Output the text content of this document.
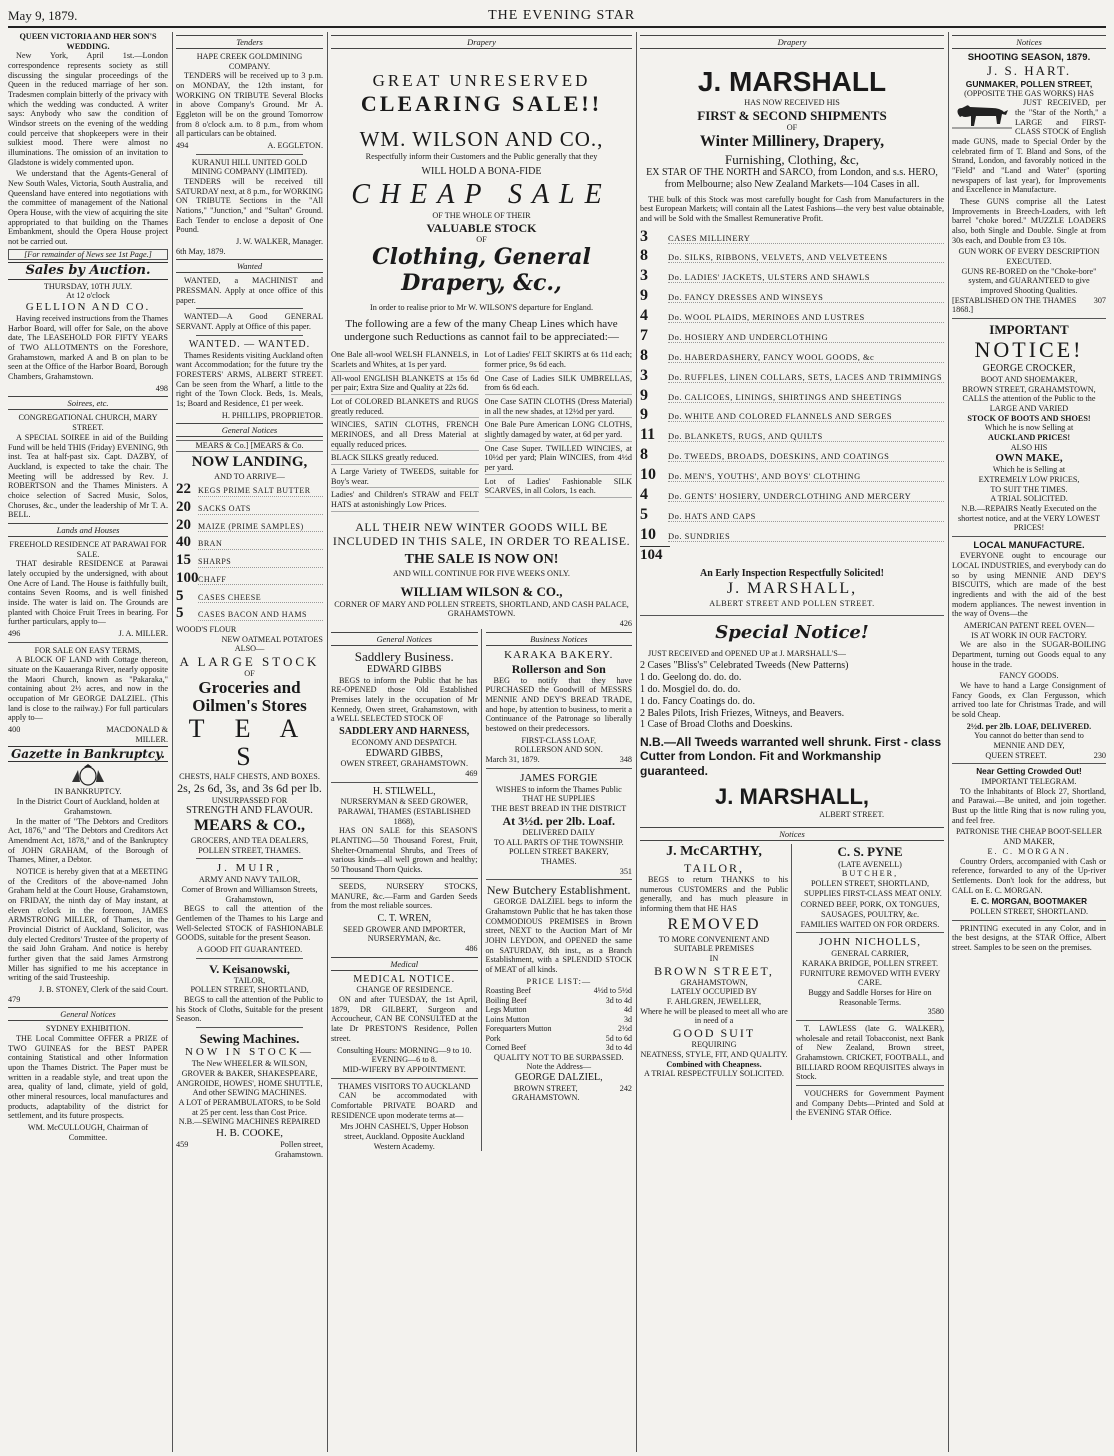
May 9, 1879.	THE EVENING STAR
QUEEN VICTORIA AND HER SON'S WEDDING.
New York, April 1st.—London correspondence represents society as still discussing the singular proceedings of the Queen in the reduced marriage of her son. Tradesmen complain bitterly of the privacy with which the wedding was conducted. A writer says: Anybody who saw the condition of Windsor streets on the evening of the wedding could perceive that shopkeepers were in their sulkiest mood. There were almost no illuminations. The omission of an invitation to Gladstone is widely commented upon.
We understand that the Agents-General of New South Wales, Victoria, South Australia, and Queensland have entered into negotiations with the committee of management of the National Opera House, with the view of acquiring the site appropriated to that building on the Thames Embankment, should the Opera House project not be carried out.
[For remainder of News see 1st Page.]
Sales by Auction.
THURSDAY, 10TH JULY.
At 12 o'clock
GELLION AND CO.
Having received instructions from the Thames Harbor Board, will offer for Sale, on the above date, The LEASEHOLD FOR FIFTY YEARS of TWO ALLOTMENTS on the Foreshore, Grahamstown, marked A and B on plan to be seen at the Office of the Harbor Board, Borough Chambers, Grahamstown.
498
Soirees, etc.
CONGREGATIONAL CHURCH, MARY STREET.
A SPECIAL SOIREE in aid of the Building Fund will be held THIS (Friday) EVENING, 9th inst. Tea at half-past six. Capt. DAZBY, of Auckland, is expected to take the chair. The Meeting will be addressed by Rev. J. ROBERTSON and the Thames Ministers. A choice selection of Sacred Music, Solos, Choruses, &c., under the leadership of Mr T. A. BELL.
Lands and Houses
FREEHOLD RESIDENCE AT PARAWAI FOR SALE.
THAT desirable RESIDENCE at Parawai lately occupied by the undersigned, with about One Acre of Land. The House is faithfully built, contains Seven Rooms, and is well finished inside. The water is laid on. The Grounds are planted with Choice Fruit Trees in bearing. For further particulars, apply to—
496	J. A. MILLER.
FOR SALE ON EASY TERMS,
A BLOCK OF LAND with Cottage thereon, situate on the Kauaeranga River, nearly opposite the Maori Church, known as "Pakaraka," containing about 2½ acres, and now in the occupation of Mr GEORGE DALZIEL. (This land is close to the railway.) For full particulars apply to—
400	MACDONALD & MILLER.
Gazette in Bankruptcy.
IN BANKRUPTCY.
In the District Court of Auckland, holden at Grahamstown.
In the matter of "The Debtors and Creditors Act, 1876," and "The Debtors and Creditors Act Amendment Act, 1878," and of the Bankruptcy of JOHN GRAHAM, of the Borough of Thames, Miner, a Debtor.
NOTICE is hereby given that at a MEETING of the Creditors of the above-named John Graham held at the Court House, Grahamstown, on FRIDAY, the ninth day of May instant, at eleven o'clock in the forenoon, JAMES ARMSTRONG MILLER, of Thames, in the Provincial District of Auckland, Solicitor, was duly elected Creditors' Trustee of the property of the said John Graham. And notice is hereby further given that the said James Armstrong Miller has signified to me his acceptance in writing of the said Trusteeship.
J. B. STONEY, Clerk of the said Court.
479
General Notices
SYDNEY EXHIBITION.
THE Local Committee OFFER a PRIZE of TWO GUINEAS for the BEST PAPER containing Statistical and other Information upon the Thames District. The Paper must be written in a readable style, and treat upon the area, quality of land, climate, yield of gold, other mineral resources, local manufactures and products, adaptability of the district for settlement, and its future prospects.
WM. McCULLOUGH, Chairman of Committee.
Tenders
HAPE CREEK GOLDMINING COMPANY.
TENDERS will be received up to 3 p.m. on MONDAY, the 12th instant, for WORKING ON TRIBUTE Several Blocks in above Company's Ground. Mr A. Eggleton will be on the ground Tomorrow from 8 o'clock a.m. to 8 p.m., from whom all particulars can be obtained.
494	A. EGGLETON.
KURANUI HILL UNITED GOLD MINING COMPANY (LIMITED).
TENDERS will be received till SATURDAY next, at 8 p.m., for WORKING ON TRIBUTE Sections in the "All Nations," "Junction," and "Sultan" Ground. Each Tender to enclose a deposit of One Pound.
J. W. WALKER, Manager.
6th May, 1879.
Wanted
WANTED, a MACHINIST and PRESSMAN. Apply at once office of this paper.
WANTED—A Good GENERAL SERVANT. Apply at Office of this paper.
WANTED. — WANTED.
Thames Residents visiting Auckland often want Accommodation; for the future try the FORESTERS' ARMS, ALBERT STREET. Can be seen from the Wharf, a little to the right of the Town Clock. Beds, 1s. Meals, 1s; Board and Residence, £1 per week.
H. PHILLIPS, PROPRIETOR.
General Notices
MEARS & Co.] [MEARS & Co.
NOW LANDING,
AND TO ARRIVE—
22 KEGS PRIME SALT BUTTER
20 SACKS OATS
20 MAIZE (PRIME SAMPLES)
40 BRAN
15 SHARPS
100 CHAFF
5	CASES CHEESE
5	CASES BACON AND HAMS
WOOD'S FLOUR
NEW OATMEAL POTATOES
ALSO—
A LARGE STOCK
OF
Groceries and Oilmen's Stores
T E A S
CHESTS, HALF CHESTS, AND BOXES.
2s, 2s 6d, 3s, and 3s 6d per lb.
UNSURPASSED FOR
STRENGTH AND FLAVOUR.
MEARS & CO.,
GROCERS, AND TEA DEALERS,
POLLEN STREET, THAMES.
J. MUIR,
ARMY AND NAVY TAILOR,
Corner of Brown and Williamson Streets, Grahamstown,
BEGS to call the attention of the Gentlemen of the Thames to his Large and Well-Selected STOCK of FASHIONABLE GOODS, suitable for the present Season.
A GOOD FIT GUARANTEED.
V. Keisanowski,
TAILOR,
POLLEN STREET, SHORTLAND,
BEGS to call the attention of the Public to his Stock of Cloths, Suitable for the present Season.
Sewing Machines.
NOW IN STOCK—
The New WHEELER & WILSON, GROVER & BAKER, SHAKESPEARE, ANGROIDE, HOWES', HOME SHUTTLE, And other SEWING MACHINES.
A LOT of PERAMBULATORS, to be Sold at 25 per cent. less than Cost Price.
N.B.—SEWING MACHINES REPAIRED
H. B. COOKE,
459	Pollen street, Grahamstown.
Drapery
GREAT UNRESERVED
CLEARING SALE!!
WM. WILSON AND CO.,
Respectfully inform their Customers and the Public generally that they
WILL HOLD A BONA-FIDE
CHEAP SALE
OF THE WHOLE OF THEIR
VALUABLE STOCK
OF
Clothing, General Drapery, &c.,
In order to realise prior to Mr W. WILSON'S departure for England.
The following are a few of the many Cheap Lines which have undergone such Reductions as cannot fail to be appreciated:—
One Bale all-wool WELSH FLANNELS, in Scarlets and Whites, at 1s per yard.
All-wool ENGLISH BLANKETS at 15s 6d per pair; Extra Size and Quality at 22s 6d.
Lot of COLORED BLANKETS and RUGS greatly reduced.
WINCIES, SATIN CLOTHS, FRENCH MERINOES, and all Dress Material at equally reduced prices.
BLACK SILKS greatly reduced.
A Large Variety of TWEEDS, suitable for Boy's wear.
Ladies' and Children's STRAW and FELT HATS at astonishingly Low Prices.
Lot of Ladies' FELT SKIRTS at 6s 11d each; former price, 9s 6d each.
One Case of Ladies SILK UMBRELLAS, from 6s 6d each.
One Case SATIN CLOTHS (Dress Material) in all the new shades, at 12½d per yard.
One Bale Pure American LONG CLOTHS, slightly damaged by water, at 6d per yard.
One Case Super. TWILLED WINCIES, at 10½d per yard; Plain WINCIES, from 4½d per yard.
Lot of Ladies' Fashionable SILK SCARVES, in all Colors, 1s each.
ALL THEIR NEW WINTER GOODS WILL BE INCLUDED IN THIS SALE, IN ORDER TO REALISE.
THE SALE IS NOW ON!
AND WILL CONTINUE FOR FIVE WEEKS ONLY.
WILLIAM WILSON & CO.,
CORNER OF MARY AND POLLEN STREETS, SHORTLAND, AND CASH PALACE, GRAHAMSTOWN.
426
General Notices
Saddlery Business.
EDWARD GIBBS
BEGS to inform the Public that he has RE-OPENED those Old Established Premises lately in the occupation of Mr Kennedy, Owen street, Grahamstown, with a WELL SELECTED STOCK OF
SADDLERY AND HARNESS,
ECONOMY AND DESPATCH.
EDWARD GIBBS,
OWEN STREET, GRAHAMSTOWN.
469
H. STILWELL,
NURSERYMAN & SEED GROWER,
PARAWAI, THAMES (ESTABLISHED 1868),
HAS ON SALE for this SEASON'S PLANTING—50 Thousand Forest, Fruit, Shelter-Ornamental Shrubs, and Trees of various kinds—all well grown and healthy; 50 Thousand Thorn Quicks.
SEEDS, NURSERY STOCKS, MANURE, &c.—Farm and Garden Seeds from the most reliable sources.
C. T. WREN,
SEED GROWER AND IMPORTER, NURSERYMAN, &c.
486
Medical
MEDICAL NOTICE.
CHANGE OF RESIDENCE.
ON and after TUESDAY, the 1st April, 1879, DR GILBERT, Surgeon and Accoucheur, CAN BE CONSULTED at the late Dr PRESTON'S Residence, Pollen street.
Consulting Hours: MORNING—9 to 10. EVENING—6 to 8.
MID-WIFERY BY APPOINTMENT.
THAMES VISITORS TO AUCKLAND
CAN be accommodated with Comfortable PRIVATE BOARD and RESIDENCE upon moderate terms at—
Mrs JOHN CASHEL'S, Upper Hobson street, Auckland. Opposite Auckland Western Academy.
Business Notices
KARAKA BAKERY.
Rollerson and Son
BEG to notify that they have PURCHASED the Goodwill of MESSRS MENNIE AND DEY'S BREAD TRADE, and hope, by attention to business, to merit a Continuance of the Patronage so liberally bestowed on their predecessors.
FIRST-CLASS LOAF,
ROLLERSON AND SON.
March 31, 1879.	348
JAMES FORGIE
WISHES to inform the Thames Public THAT HE SUPPLIES
THE BEST BREAD IN THE DISTRICT
At 3½d. per 2lb. Loaf.
DELIVERED DAILY
TO ALL PARTS OF THE TOWNSHIP.
POLLEN STREET BAKERY,
THAMES.
351
New Butchery Establishment.
GEORGE DALZIEL begs to inform the Grahamstown Public that he has taken those COMMODIOUS PREMISES in Brown street, NEXT to the Auction Mart of Mr JOHN LEYDON, and OPENED the same on SATURDAY, 8th inst., as a Branch Establishment, with a SPLENDID STOCK of MEAT of all kinds.
PRICE LIST:—
Roasting Beef	4½d to 5½d
Boiling Beef	3d to 4d
Legs Mutton	4d
Loins Mutton	3d
Forequarters Mutton	2½d
Pork	5d to 6d
Corned Beef	3d to 4d
QUALITY NOT TO BE SURPASSED.
Note the Address—
GEORGE DALZIEL,
BROWN STREET, GRAHAMSTOWN.
242
Drapery
J. MARSHALL
HAS NOW RECEIVED HIS
FIRST & SECOND SHIPMENTS
OF
Winter Millinery, Drapery,
Furnishing, Clothing, &c,
EX STAR OF THE NORTH and SARCO, from London, and s.s. HERO, from Melbourne; also New Zealand Markets—104 Cases in all.
THE bulk of this Stock was most carefully bought for Cash from Manufacturers in the best European Markets; will contain all the Latest Fashions—the very best value obtainable, and will be Sold with the Smallest Remunerative Profit.
3	CASES MILLINERY
8	Do. SILKS, RIBBONS, VELVETS, AND VELVETEENS
3	Do. LADIES' JACKETS, ULSTERS AND SHAWLS
9	Do. FANCY DRESSES AND WINSEYS
4	Do. WOOL PLAIDS, MERINOES AND LUSTRES
7	Do. HOSIERY AND UNDERCLOTHING
8	Do. HABERDASHERY, FANCY WOOL GOODS, &c
3	Do. RUFFLES, LINEN COLLARS, SETS, LACES AND TRIMMINGS
9	Do. CALICOES, LININGS, SHIRTINGS AND SHEETINGS
9	Do. WHITE AND COLORED FLANNELS AND SERGES
11	Do. BLANKETS, RUGS, AND QUILTS
8	Do. TWEEDS, BROADS, DOESKINS, AND COATINGS
10	Do. MEN'S, YOUTHS', AND BOYS' CLOTHING
4	Do. GENTS' HOSIERY, UNDERCLOTHING AND MERCERY
5	Do. HATS AND CAPS
10	Do. SUNDRIES
104
An Early Inspection Respectfully Solicited!
J. MARSHALL,
ALBERT STREET AND POLLEN STREET.
Special Notice!
JUST RECEIVED and OPENED UP at J. MARSHALL'S—
2 Cases "Bliss's" Celebrated Tweeds (New Patterns)
1 do. Geelong do. do. do.
1 do. Mosgiel do. do. do.
1 do. Fancy Coatings do. do.
2 Bales Pilots, Irish Friezes, Witneys, and Beavers.
1 Case of Broad Cloths and Doeskins.
N.B.—All Tweeds warranted well shrunk. First - class Cutter from London. Fit and Workmanship guaranteed.
J. MARSHALL,
ALBERT STREET.
Notices
J. McCARTHY,
TAILOR,
BEGS to return THANKS to his numerous CUSTOMERS and the Public generally, and has much pleasure in informing them that HE HAS
REMOVED
TO MORE CONVENIENT AND SUITABLE PREMISES
IN
BROWN STREET,
GRAHAMSTOWN,
LATELY OCCUPIED BY
F. AHLGREN, JEWELLER,
Where he will be pleased to meet all who are in need of a
GOOD SUIT
REQUIRING
NEATNESS, STYLE, FIT, AND QUALITY.
Combined with Cheapness.
A TRIAL RESPECTFULLY SOLICITED.
C. S. PYNE
(LATE AVENELL)
BUTCHER,
POLLEN STREET, SHORTLAND,
SUPPLIES FIRST-CLASS MEAT ONLY.
CORNED BEEF, PORK, OX TONGUES, SAUSAGES, POULTRY, &c.
FAMILIES WAITED ON FOR ORDERS.
JOHN NICHOLLS,
GENERAL CARRIER,
KARAKA BRIDGE, POLLEN STREET.
FURNITURE REMOVED WITH EVERY CARE.
Buggy and Saddle Horses for Hire on Reasonable Terms.
3580
T. LAWLESS (late G. WALKER), wholesale and retail Tobacconist, next Bank of New Zealand, Brown street, Grahamstown. CRICKET, FOOTBALL, and BILLIARD ROOM REQUISITES always in Stock.
VOUCHERS for Government Payment and Company Debts—Printed and Sold at the EVENING STAR Office.
Notices
SHOOTING SEASON, 1879.
J. S. HART.
GUNMAKER, POLLEN STREET,
(OPPOSITE THE GAS WORKS) HAS
JUST RECEIVED, per the "Star of the North," a LARGE and FIRST-CLASS STOCK of English made GUNS, made to Special Order by the celebrated firm of T. Bland and Sons, of the Strand, London, and favorably noticed in the "Field" and "Land and Water" (sporting newspapers of last year), for Improvements and Excellence in Manufacture.
These GUNS comprise all the Latest Improvements in Breech-Loaders, with left barrel "choke bored." MUZZLE LOADERS also, both Single and Double. Single at from 30s each, and Double from £3 10s.
GUN WORK OF EVERY DESCRIPTION EXECUTED.
GUNS RE-BORED on the "Choke-bore" system, and GUARANTEED to give improved Shooting Qualities.
[ESTABLISHED ON THE THAMES 1868.]
307
IMPORTANT
NOTICE!
GEORGE CROCKER,
BOOT AND SHOEMAKER,
BROWN STREET, GRAHAMSTOWN,
CALLS the attention of the Public to the LARGE AND VARIED
STOCK OF BOOTS AND SHOES!
Which he is now Selling at
AUCKLAND PRICES!
ALSO HIS
OWN MAKE,
Which he is Selling at
EXTREMELY LOW PRICES,
TO SUIT THE TIMES.
A TRIAL SOLICITED.
N.B.—REPAIRS Neatly Executed on the shortest notice, and at the VERY LOWEST PRICES!
LOCAL MANUFACTURE.
EVERYONE ought to encourage our LOCAL INDUSTRIES, and everybody can do so by using MENNIE AND DEY'S BISCUITS, which are made of the best ingredients and with the aid of the best modern appliances. The newest invention in the way of Ovens—the
AMERICAN PATENT REEL OVEN—
IS AT WORK IN OUR FACTORY.
We are also in the SUGAR-BOILING Department, turning out Goods equal to any house in the trade.
FANCY GOODS.
We have to hand a Large Consignment of Fancy Goods, ex Clan Fergusson, which arrived too late for Christmas Trade, and will be sold Cheap.
2½d. per 2lb. LOAF, DELIVERED.
You cannot do better than send to
MENNIE AND DEY,
QUEEN STREET.	230
Near Getting Crowded Out!
IMPORTANT TELEGRAM.
TO the Inhabitants of Block 27, Shortland, and Parawai.—Be united, and join together. Bust up the little Ring that is now ruling you, and feel free.
PATRONISE THE CHEAP BOOT-SELLER AND MAKER,
E. C. MORGAN.
Country Orders, accompanied with Cash or reference, forwarded to any of the Up-river Settlements. Don't look for the address, but CALL on E. C. MORGAN.
E. C. MORGAN, BOOTMAKER
POLLEN STREET, SHORTLAND.
PRINTING executed in any Color, and in the best designs, at the STAR Office, Albert street. Samples to be seen on the premises.
